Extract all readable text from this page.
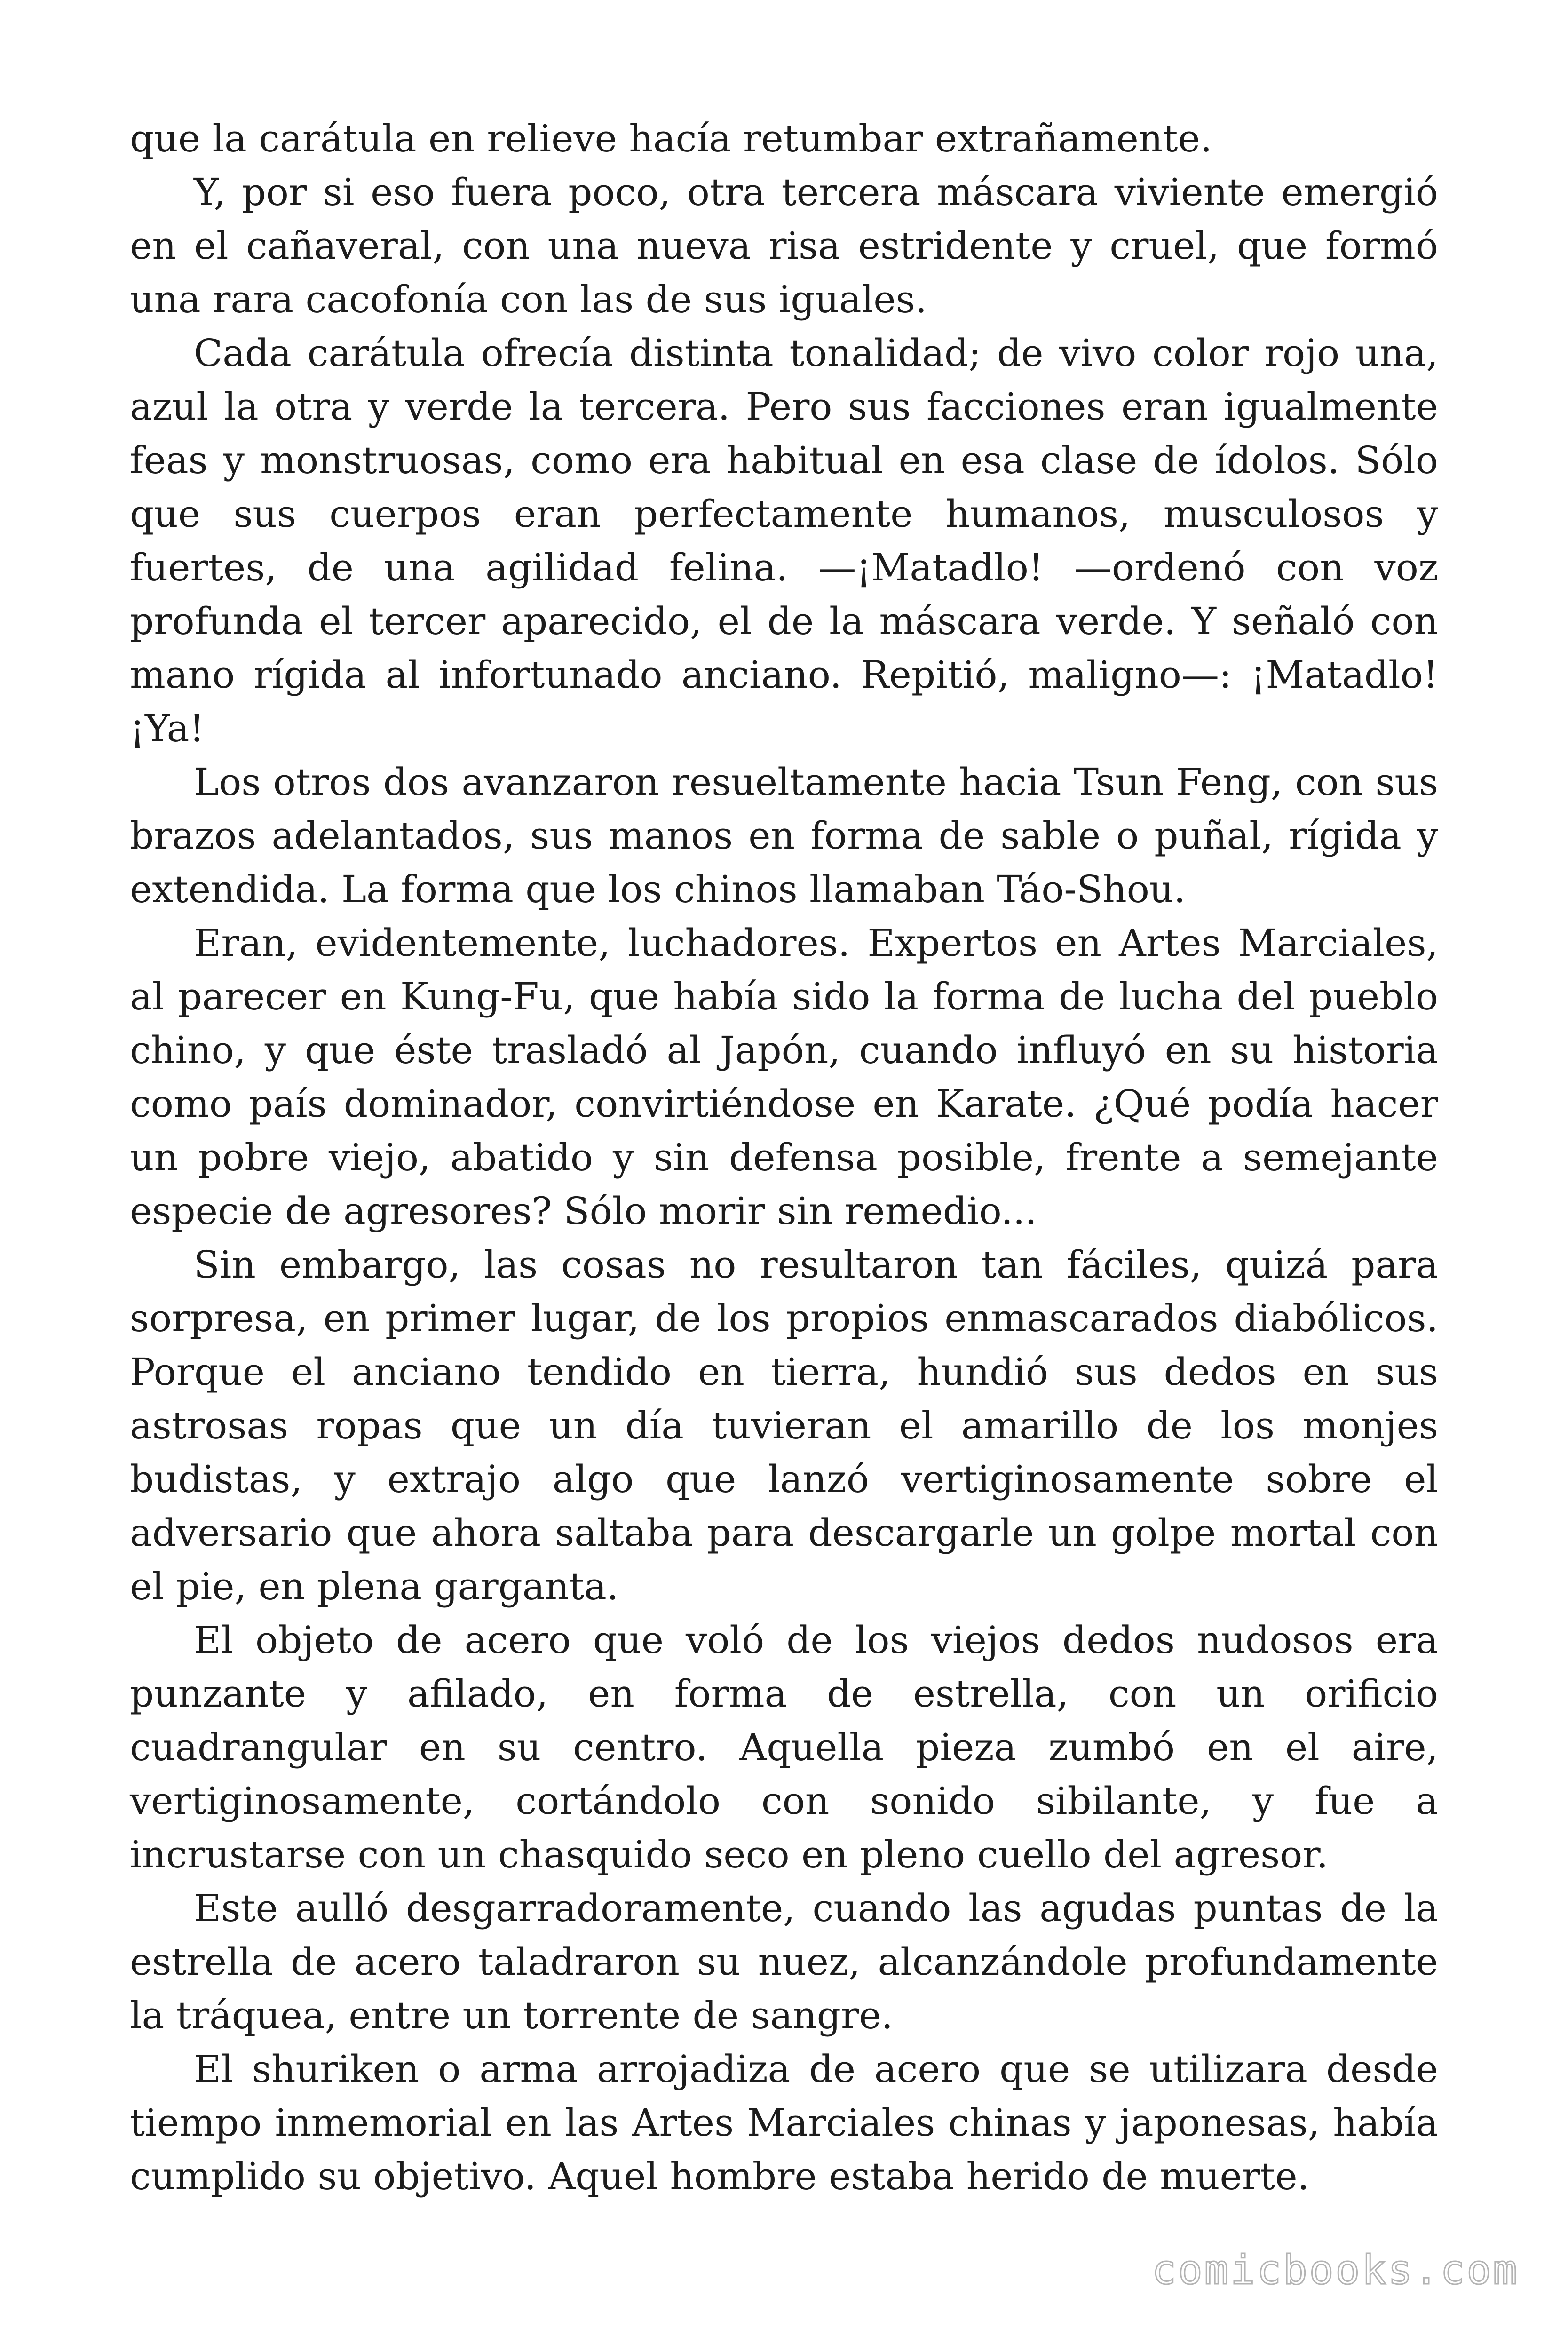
que la carátula en relieve hacía retumbar extrañamente.

Y, por si eso fuera poco, otra tercera máscara viviente emergió en el cañaveral, con una nueva risa estridente y cruel, que formó una rara cacofonía con las de sus iguales.

Cada carátula ofrecía distinta tonalidad; de vivo color rojo una, azul la otra y verde la tercera. Pero sus facciones eran igualmente feas y monstruosas, como era habitual en esa clase de ídolos. Sólo que sus cuerpos eran perfectamente humanos, musculosos y fuertes, de una agilidad felina. —¡Matadlo! —ordenó con voz profunda el tercer aparecido, el de la máscara verde. Y señaló con mano rígida al infortunado anciano. Repitió, maligno—: ¡Matadlo! ¡Ya!

Los otros dos avanzaron resueltamente hacia Tsun Feng, con sus brazos adelantados, sus manos en forma de sable o puñal, rígida y extendida. La forma que los chinos llamaban Táo-Shou.

Eran, evidentemente, luchadores. Expertos en Artes Marciales, al parecer en Kung-Fu, que había sido la forma de lucha del pueblo chino, y que éste trasladó al Japón, cuando influyó en su historia como país dominador, convirtiéndose en Karate. ¿Qué podía hacer un pobre viejo, abatido y sin defensa posible, frente a semejante especie de agresores? Sólo morir sin remedio...

Sin embargo, las cosas no resultaron tan fáciles, quizá para sorpresa, en primer lugar, de los propios enmascarados diabólicos. Porque el anciano tendido en tierra, hundió sus dedos en sus astrosas ropas que un día tuvieran el amarillo de los monjes budistas, y extrajo algo que lanzó vertiginosamente sobre el adversario que ahora saltaba para descargarle un golpe mortal con el pie, en plena garganta.

El objeto de acero que voló de los viejos dedos nudosos era punzante y afilado, en forma de estrella, con un orificio cuadrangular en su centro. Aquella pieza zumbó en el aire, vertiginosamente, cortándolo con sonido sibilante, y fue a incrustarse con un chasquido seco en pleno cuello del agresor.

Este aulló desgarradoramente, cuando las agudas puntas de la estrella de acero taladraron su nuez, alcanzándole profundamente la tráquea, entre un torrente de sangre.

El shuriken o arma arrojadiza de acero que se utilizara desde tiempo inmemorial en las Artes Marciales chinas y japonesas, había cumplido su objetivo. Aquel hombre estaba herido de muerte.

comicbooks.com
